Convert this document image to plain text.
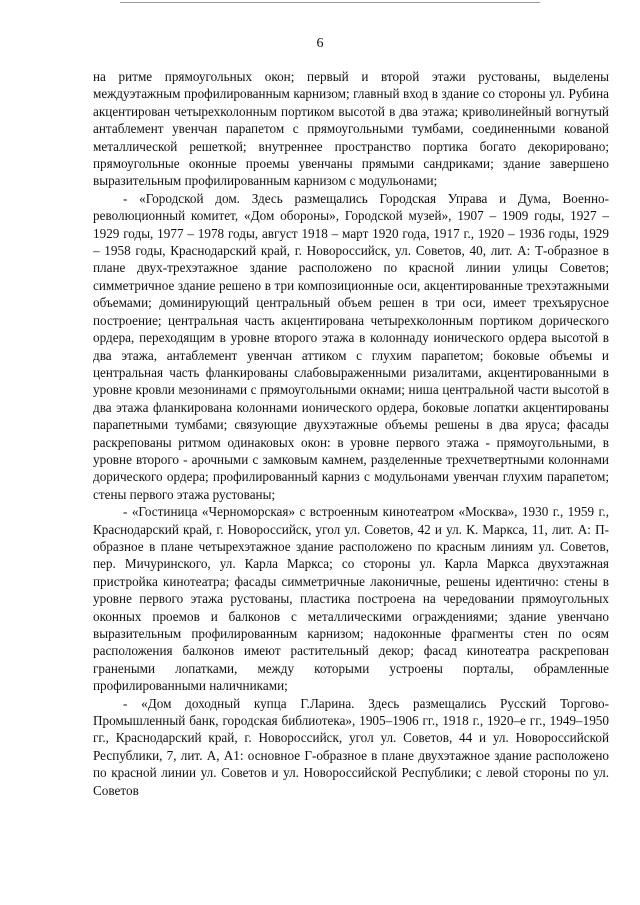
6

на ритме прямоугольных окон; первый и второй этажи рустованы, выделены междуэтажным профилированным карнизом; главный вход в здание со стороны ул. Рубина акцентирован четырехколонным портиком высотой в два этажа; криволинейный вогнутый антаблемент увенчан парапетом с прямоугольными тумбами, соединенными кованой металлической решеткой; внутреннее пространство портика богато декорировано; прямоугольные оконные проемы увенчаны прямыми сандриками; здание завершено выразительным профилированным карнизом с модульонами;

- «Городской дом. Здесь размещались Городская Управа и Дума, Военно-революционный комитет, «Дом обороны», Городской музей», 1907 – 1909 годы, 1927 – 1929 годы, 1977 – 1978 годы, август 1918 – март 1920 года, 1917 г., 1920 – 1936 годы, 1929 – 1958 годы, Краснодарский край, г. Новороссийск, ул. Советов, 40, лит. А: Т-образное в плане двух-трехэтажное здание расположено по красной линии улицы Советов; симметричное здание решено в три композиционные оси, акцентированные трехэтажными объемами; доминирующий центральный объем решен в три оси, имеет трехъярусное построение; центральная часть акцентирована четырехколонным портиком дорического ордера, переходящим в уровне второго этажа в колоннаду ионического ордера высотой в два этажа, антаблемент увенчан аттиком с глухим парапетом; боковые объемы и центральная часть фланкированы слабовыраженными ризалитами, акцентированными в уровне кровли мезонинами с прямоугольными окнами; ниша центральной части высотой в два этажа фланкирована колоннами ионического ордера, боковые лопатки акцентированы парапетными тумбами; связующие двухэтажные объемы решены в два яруса; фасады раскрепованы ритмом одинаковых окон: в уровне первого этажа - прямоугольными, в уровне второго - арочными с замковым камнем, разделенные трехчетвертными колоннами дорического ордера; профилированный карниз с модульонами увенчан глухим парапетом; стены первого этажа рустованы;

- «Гостиница «Черноморская» с встроенным кинотеатром «Москва», 1930 г., 1959 г., Краснодарский край, г. Новороссийск, угол ул. Советов, 42 и ул. К. Маркса, 11, лит. А: П-образное в плане четырехэтажное здание расположено по красным линиям ул. Советов, пер. Мичуринского, ул. Карла Маркса; со стороны ул. Карла Маркса двухэтажная пристройка кинотеатра; фасады симметричные лаконичные, решены идентично: стены в уровне первого этажа рустованы, пластика построена на чередовании прямоугольных оконных проемов и балконов с металлическими ограждениями; здание увенчано выразительным профилированным карнизом; надоконные фрагменты стен по осям расположения балконов имеют растительный декор; фасад кинотеатра раскрепован гранеными лопатками, между которыми устроены порталы, обрамленные профилированными наличниками;

- «Дом доходный купца Г.Ларина. Здесь размещались Русский Торгово-Промышленный банк, городская библиотека», 1905–1906 гг., 1918 г., 1920–е гг., 1949–1950 гг., Краснодарский край, г. Новороссийск, угол ул. Советов, 44 и ул. Новороссийской Республики, 7, лит. А, А1: основное Г-образное в плане двухэтажное здание расположено по красной линии ул. Советов и ул. Новороссийской Республики; с левой стороны по ул. Советов
